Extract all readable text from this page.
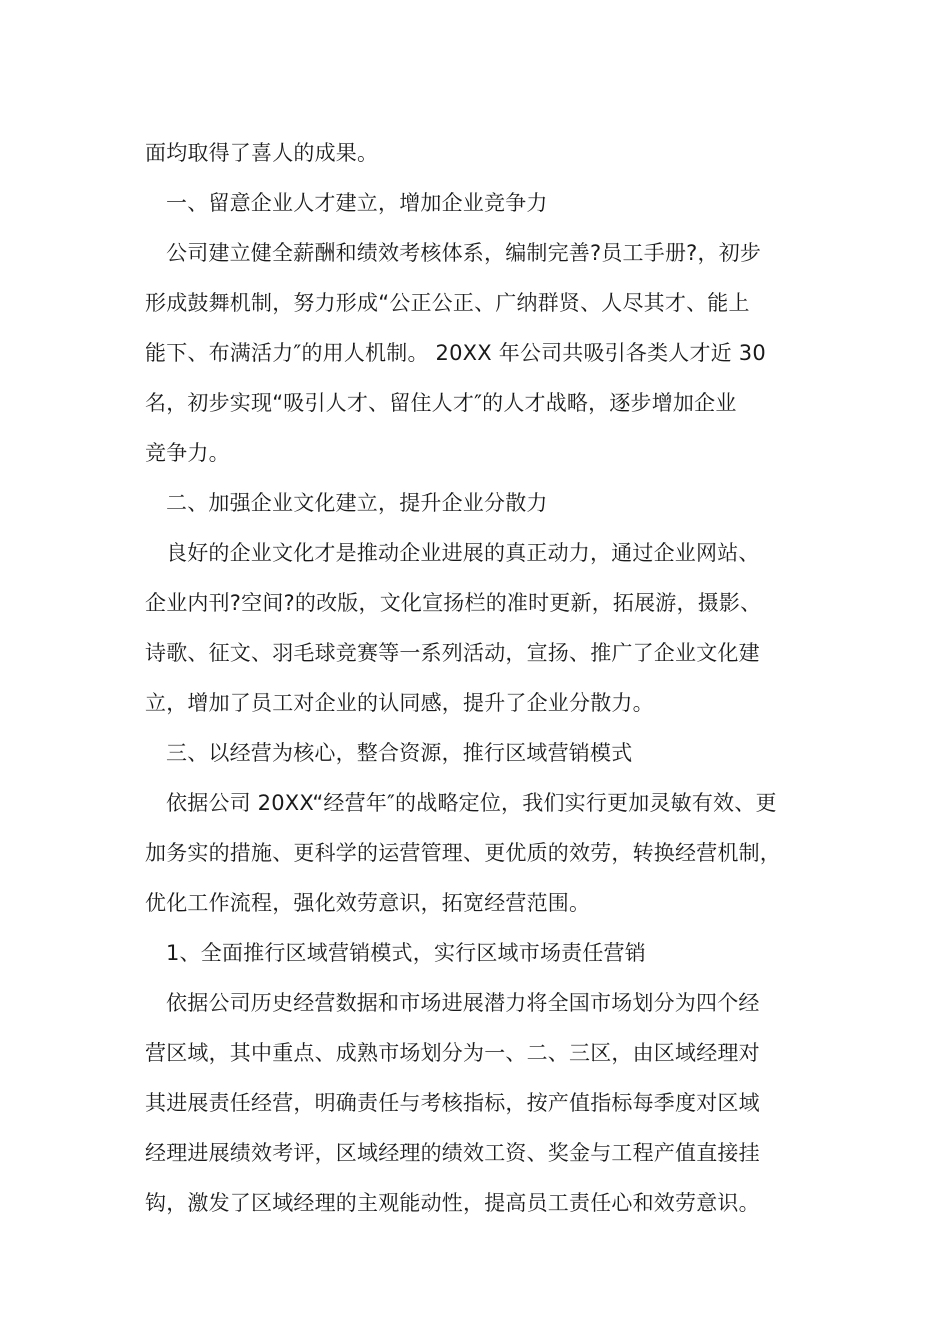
面均取得了喜人的成果。
一、留意企业人才建立，增加企业竞争力
公司建立健全薪酬和绩效考核体系，编制完善?员工手册?，初步
形成鼓舞机制，努力形成“公正公正、广纳群贤、人尽其才、能上
能下、布满活力″的用人机制。 20XX 年公司共吸引各类人才近 30
名，初步实现“吸引人才、留住人才″的人才战略，逐步增加企业
竞争力。
二、加强企业文化建立，提升企业分散力
良好的企业文化才是推动企业进展的真正动力，通过企业网站、
企业内刊?空间?的改版，文化宣扬栏的准时更新，拓展游，摄影、
诗歌、征文、羽毛球竞赛等一系列活动，宣扬、推广了企业文化建
立，增加了员工对企业的认同感，提升了企业分散力。
三、以经营为核心，整合资源，推行区域营销模式
依据公司 20XX“经营年″的战略定位，我们实行更加灵敏有效、更
加务实的措施、更科学的运营管理、更优质的效劳，转换经营机制，
优化工作流程，强化效劳意识，拓宽经营范围。
1、全面推行区域营销模式，实行区域市场责任营销
依据公司历史经营数据和市场进展潜力将全国市场划分为四个经
营区域，其中重点、成熟市场划分为一、二、三区，由区域经理对
其进展责任经营，明确责任与考核指标，按产值指标每季度对区域
经理进展绩效考评，区域经理的绩效工资、奖金与工程产值直接挂
钩，激发了区域经理的主观能动性，提高员工责任心和效劳意识。
